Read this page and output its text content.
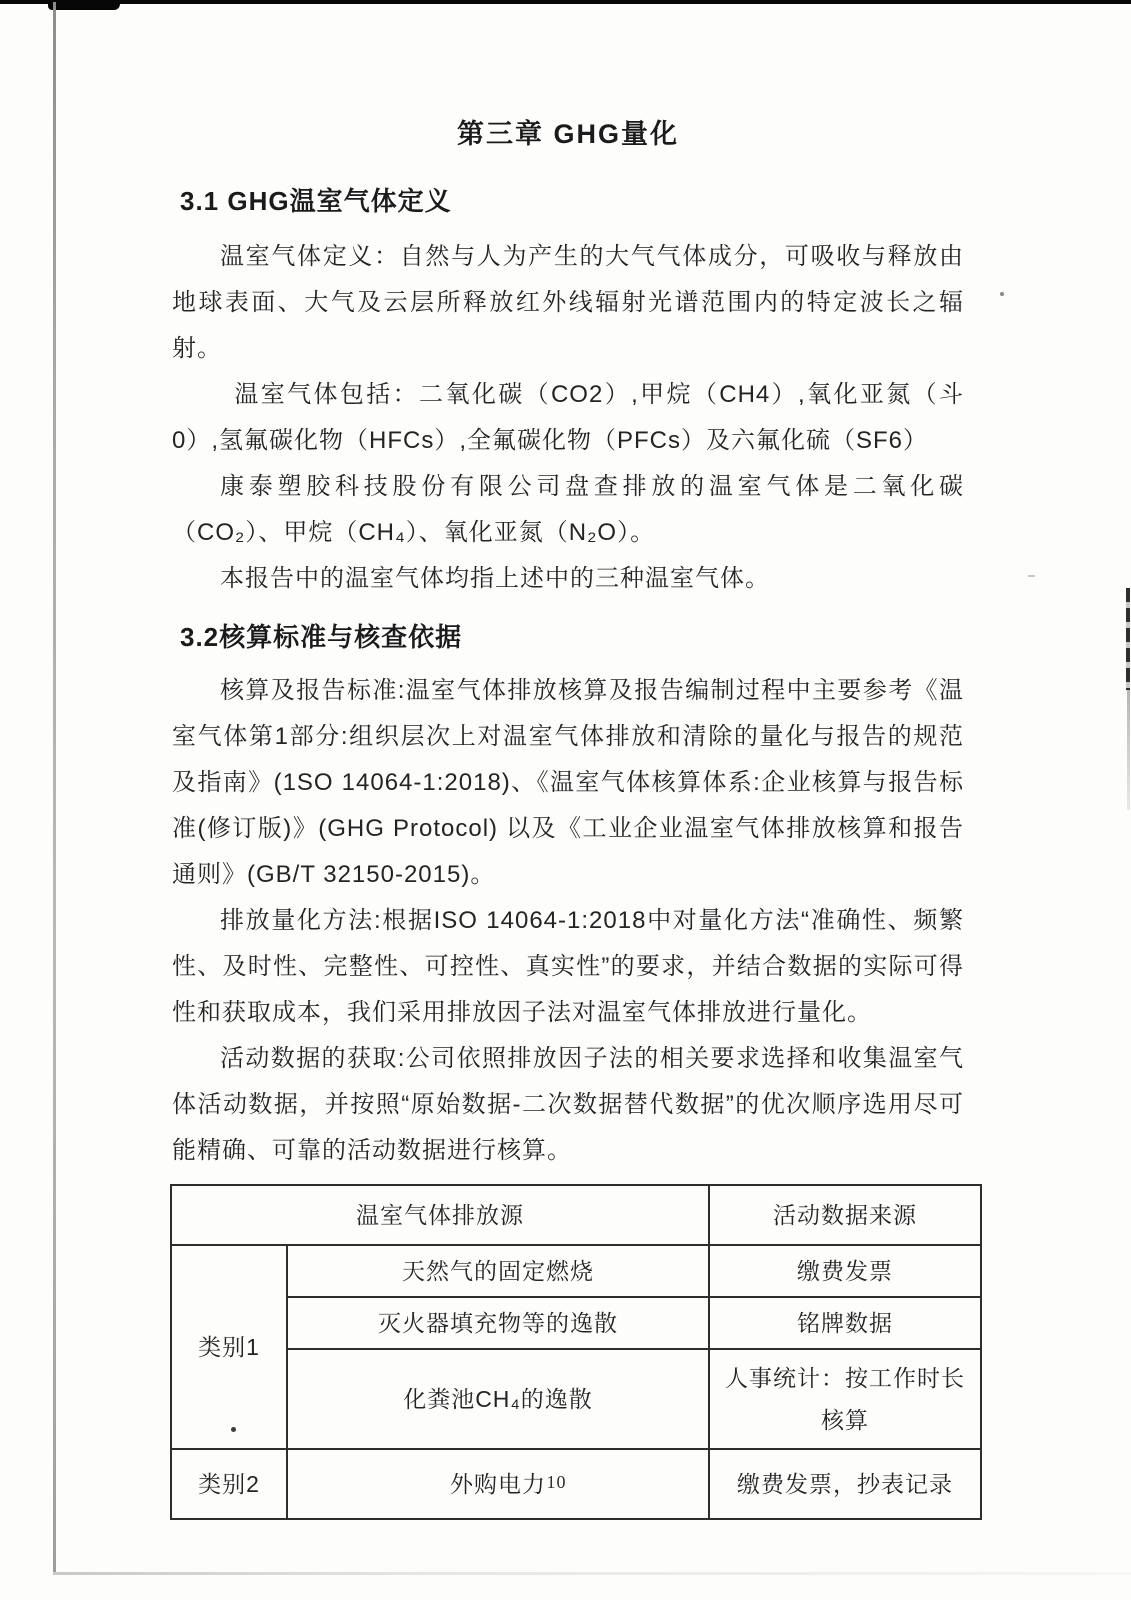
第三章 GHG量化
3.1 GHG温室气体定义

温室气体定义：自然与人为产生的大气气体成分，可吸收与释放由地球表面、大气及云层所释放红外线辐射光谱范围内的特定波长之辐射。

温室气体包括：二氧化碳（CO2）,甲烷（CH4）,氧化亚氮（斗0）,氢氟碳化物（HFCs）,全氟碳化物（PFCs）及六氟化硫（SF6）

康泰塑胶科技股份有限公司盘查排放的温室气体是二氧化碳（CO₂）、甲烷（CH₄）、氧化亚氮（N₂O）。

本报告中的温室气体均指上述中的三种温室气体。

3.2核算标准与核查依据

核算及报告标准:温室气体排放核算及报告编制过程中主要参考《温室气体第1部分:组织层次上对温室气体排放和清除的量化与报告的规范及指南》(1SO 14064-1:2018)、《温室气体核算体系:企业核算与报告标准(修订版)》(GHG Protocol) 以及《工业企业温室气体排放核算和报告通则》(GB/T 32150-2015)。

排放量化方法:根据ISO 14064-1:2018中对量化方法“准确性、频繁性、及时性、完整性、可控性、真实性”的要求，并结合数据的实际可得性和获取成本，我们采用排放因子法对温室气体排放进行量化。

活动数据的获取:公司依照排放因子法的相关要求选择和收集温室气体活动数据，并按照“原始数据-二次数据替代数据”的优次顺序选用尽可能精确、可靠的活动数据进行核算。

温室气体排放源		活动数据来源
类别1	天然气的固定燃烧	缴费发票
	灭火器填充物等的逸散	铭牌数据
	化粪池CH₄的逸散	人事统计：按工作时长核算
类别2	外购电力	缴费发票，抄表记录
10
